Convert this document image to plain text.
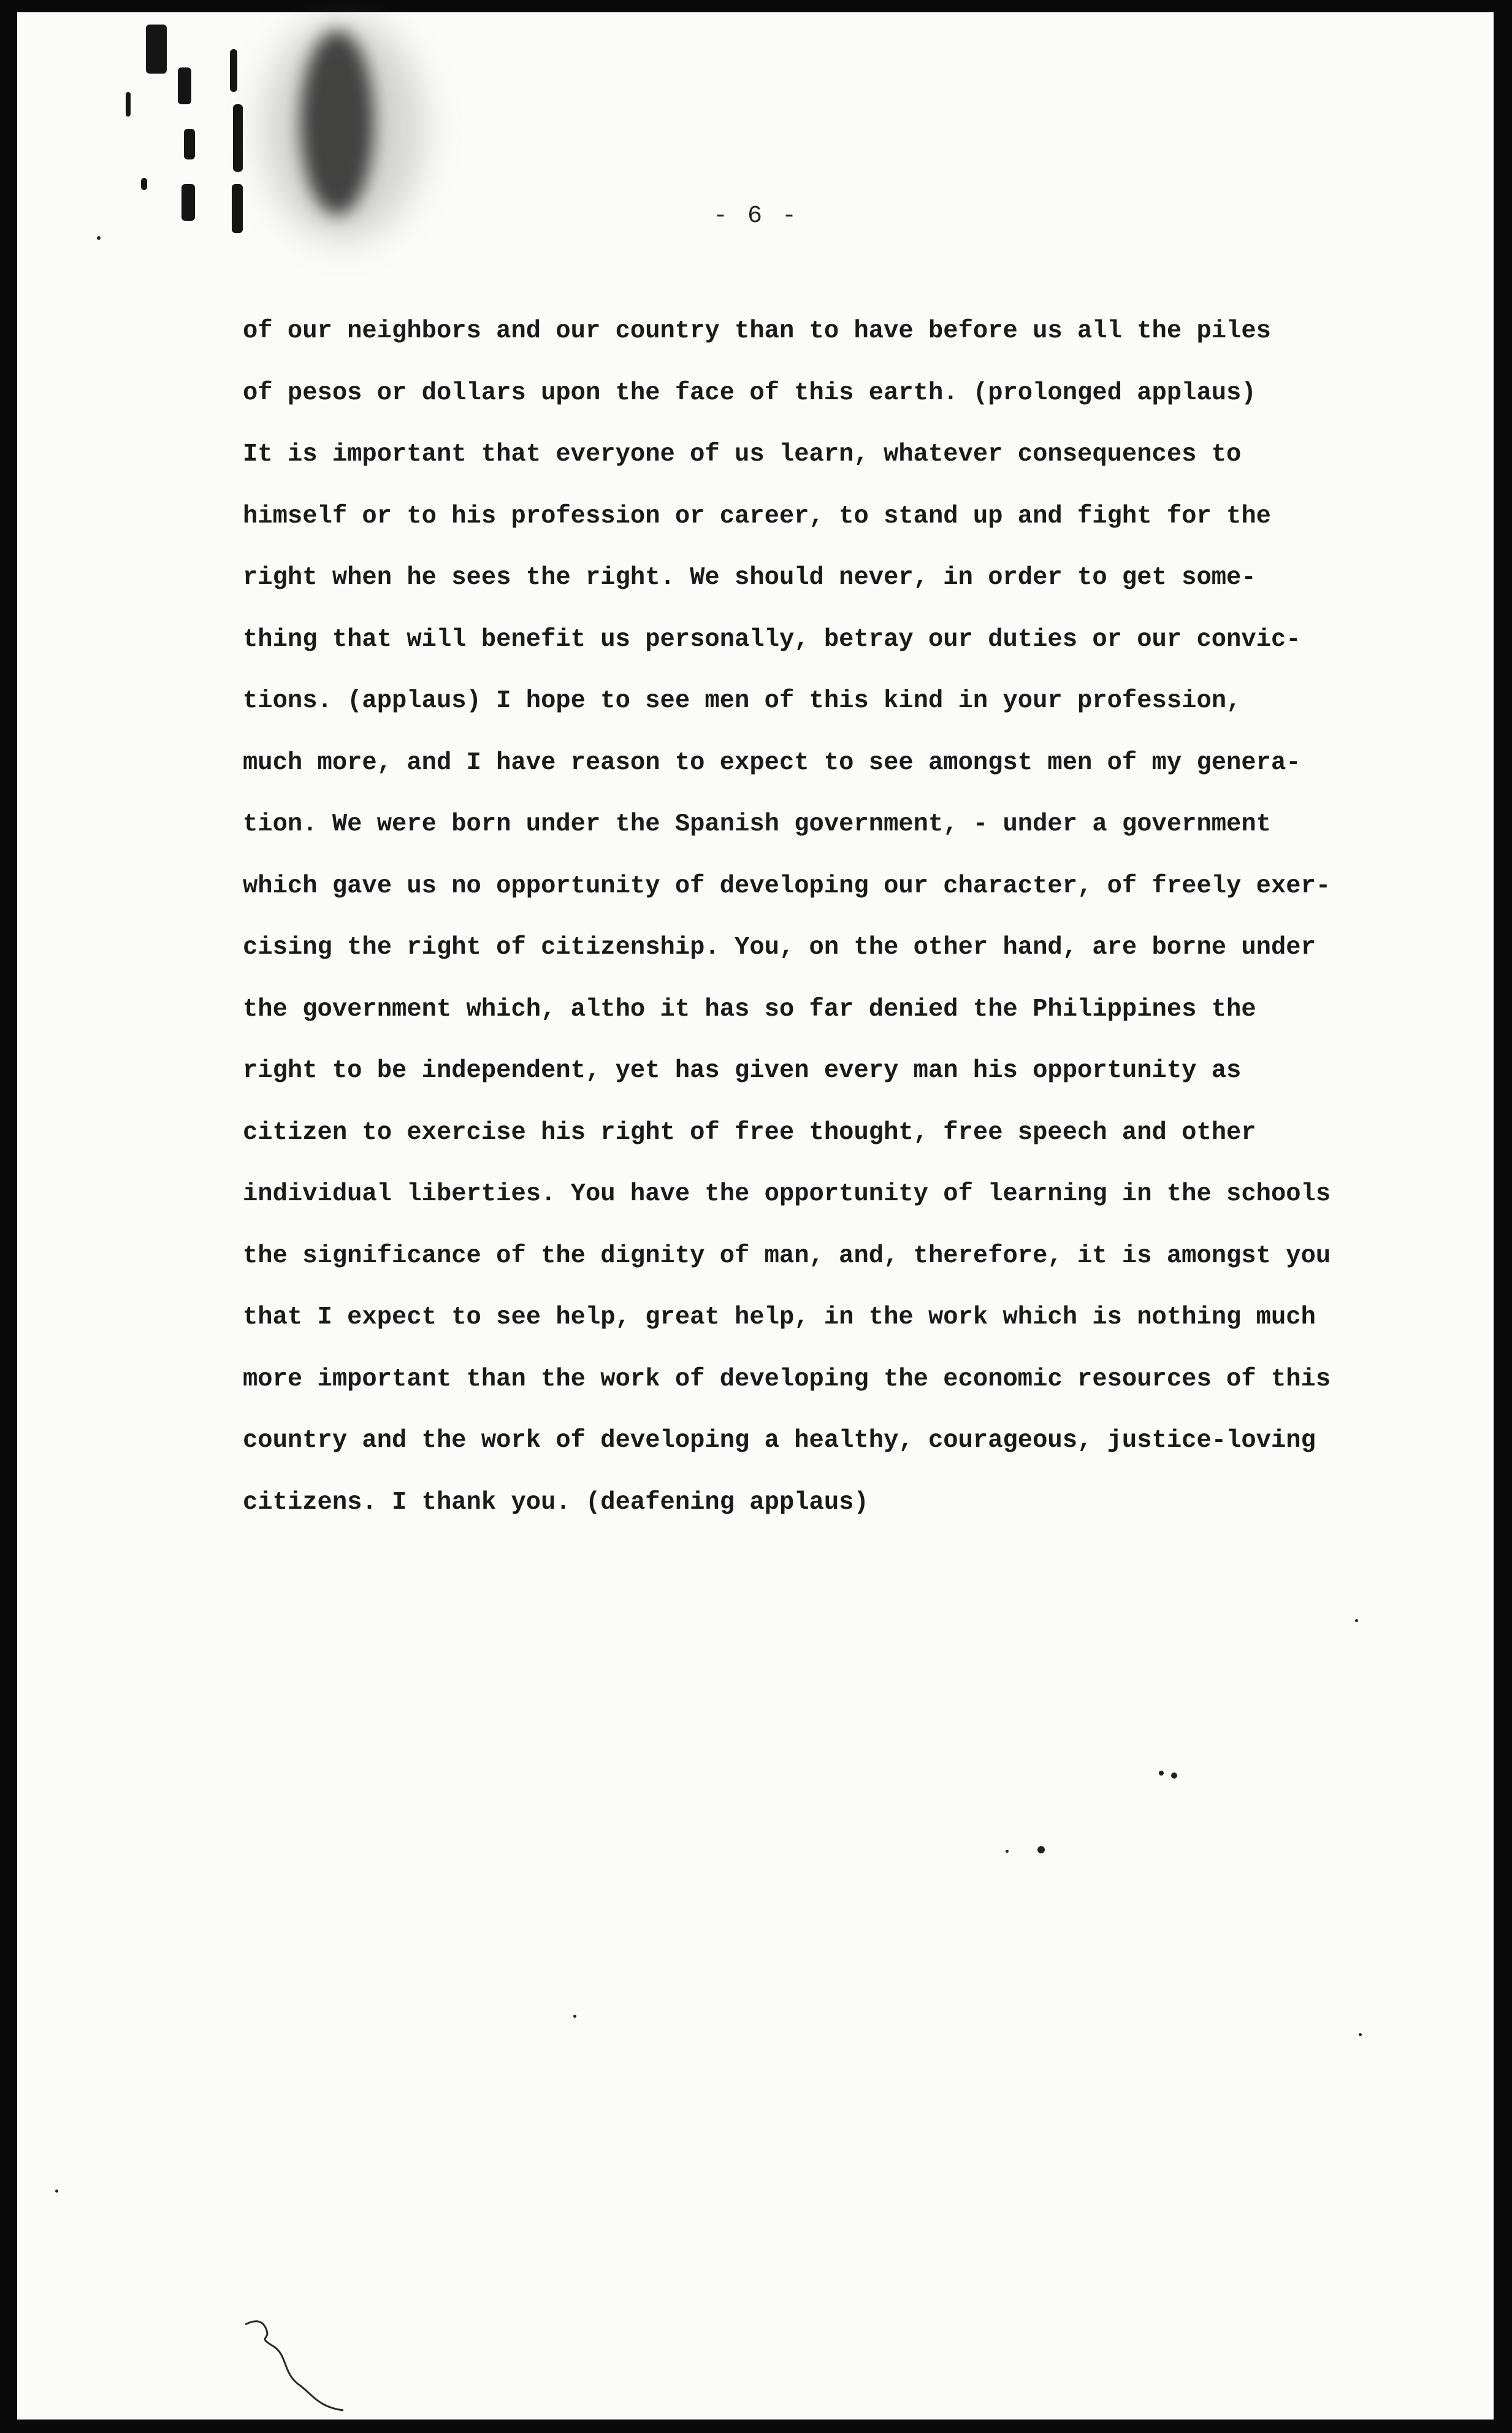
- 6 -
of our neighbors and our country than to have before us all the piles
of pesos or dollars upon the face of this earth. (prolonged applaus)
It is important that everyone of us learn, whatever consequences to
himself or to his profession or career, to stand up and fight for the
right when he sees the right. We should never, in order to get some-
thing that will benefit us personally, betray our duties or our convic-
tions. (applaus) I hope to see men of this kind in your profession,
much more, and I have reason to expect to see amongst men of my genera-
tion. We were born under the Spanish government, - under a government
which gave us no opportunity of developing our character, of freely exer-
cising the right of citizenship. You, on the other hand, are borne under
the government which, altho it has so far denied the Philippines the
right to be independent, yet has given every man his opportunity as
citizen to exercise his right of free thought, free speech and other
individual liberties. You have the opportunity of learning in the schools
the significance of the dignity of man, and, therefore, it is amongst you
that I expect to see help, great help, in the work which is nothing much
more important than the work of developing the economic resources of this
country and the work of developing a healthy, courageous, justice-loving
citizens. I thank you. (deafening applaus)
